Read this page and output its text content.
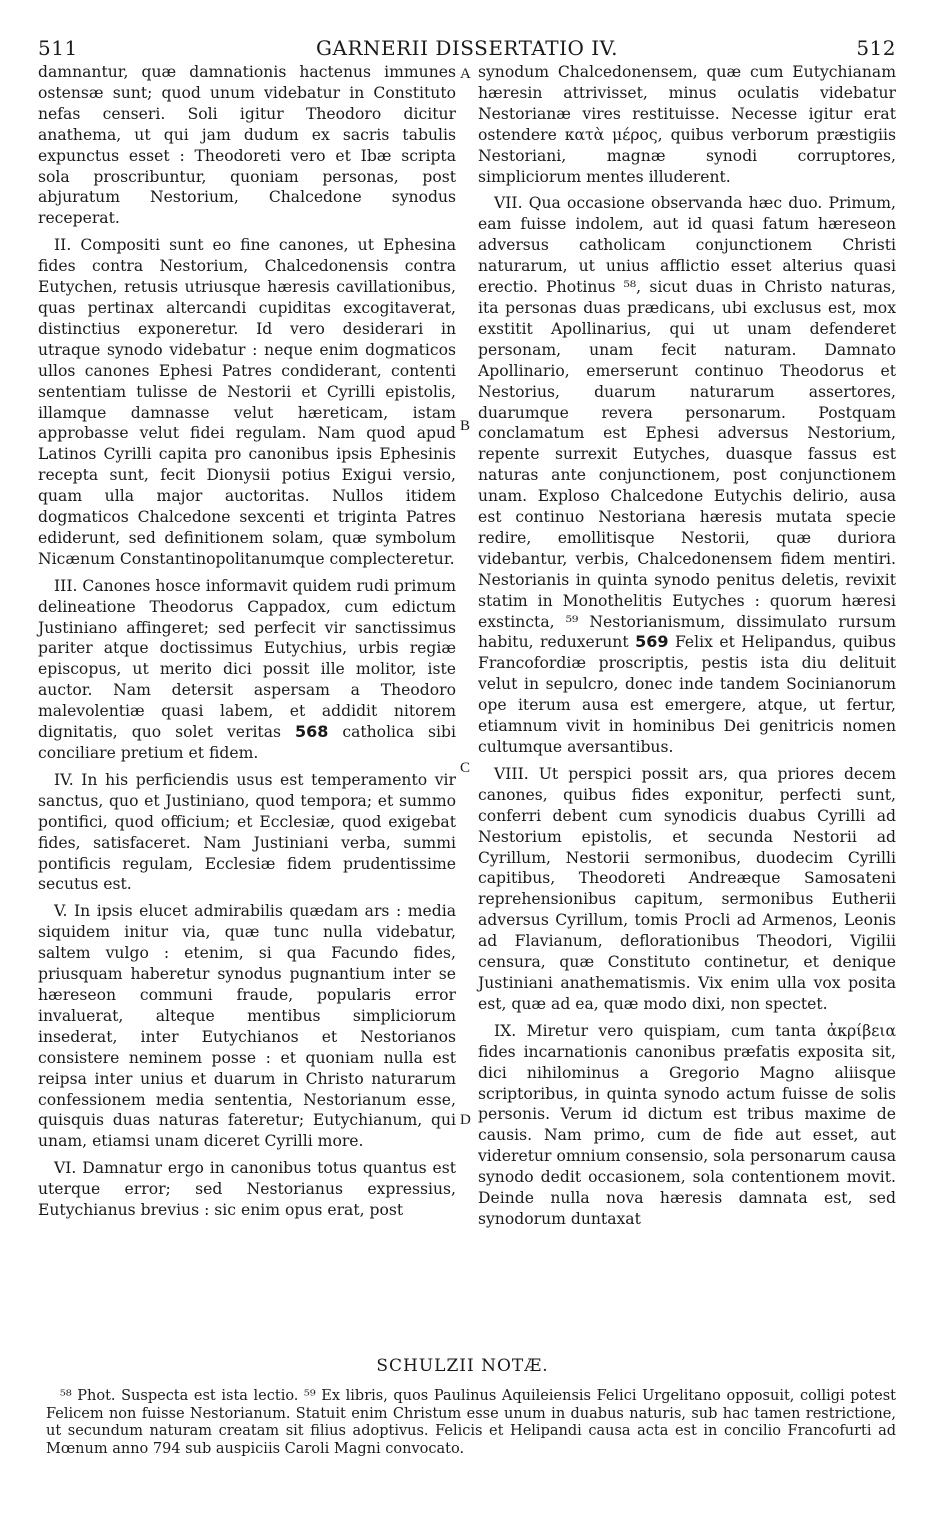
511	GARNERII DISSERTATIO IV.	512

damnantur, quæ damnationis hactenus immunes ostensæ sunt; quod unum videbatur in Constituto nefas censeri. Soli igitur Theodoro dicitur anathema, ut qui jam dudum ex sacris tabulis expunctus esset : Theodoreti vero et Ibæ scripta sola proscribuntur, quoniam personas, post abjuratum Nestorium, Chalcedone synodus receperat.

II. Compositi sunt eo fine canones, ut Ephesina fides contra Nestorium, Chalcedonensis contra Eutychen, retusis utriusque hæresis cavillationibus, quas pertinax altercandi cupiditas excogitaverat, distinctius exponeretur. Id vero desiderari in utraque synodo videbatur : neque enim dogmaticos ullos canones Ephesi Patres condiderant, contenti sententiam tulisse de Nestorii et Cyrilli epistolis, illamque damnasse velut hæreticam, istam approbasse velut fidei regulam. Nam quod apud Latinos Cyrilli capita pro canonibus ipsis Ephesinis recepta sunt, fecit Dionysii potius Exigui versio, quam ulla major auctoritas. Nullos itidem dogmaticos Chalcedone sexcenti et triginta Patres ediderunt, sed definitionem solam, quæ symbolum Nicænum Constantinopolitanumque complecteretur.

III. Canones hosce informavit quidem rudi primum delineatione Theodorus Cappadox, cum edictum Justiniano affingeret; sed perfecit vir sanctissimus pariter atque doctissimus Eutychius, urbis regiæ episcopus, ut merito dici possit ille molitor, iste auctor. Nam detersit aspersam a Theodoro malevolentiæ quasi labem, et addidit nitorem dignitatis, quo solet veritas 568 catholica sibi conciliare pretium et fidem.

IV. In his perficiendis usus est temperamento vir sanctus, quo et Justiniano, quod tempora; et summo pontifici, quod officium; et Ecclesiæ, quod exigebat fides, satisfaceret. Nam Justiniani verba, summi pontificis regulam, Ecclesiæ fidem prudentissime secutus est.

V. In ipsis elucet admirabilis quædam ars : media siquidem initur via, quæ tunc nulla videbatur, saltem vulgo : etenim, si qua Facundo fides, priusquam haberetur synodus pugnantium inter se hæreseon communi fraude, popularis error invaluerat, alteque mentibus simpliciorum insederat, inter Eutychianos et Nestorianos consistere neminem posse : et quoniam nulla est reipsa inter unius et duarum in Christo naturarum confessionem media sententia, Nestorianum esse, quisquis duas naturas fateretur; Eutychianum, qui unam, etiamsi unam diceret Cyrilli more.

VI. Damnatur ergo in canonibus totus quantus est uterque error; sed Nestorianus expressius, Eutychianus brevius : sic enim opus erat, post

synodum Chalcedonensem, quæ cum Eutychianam hæresin attrivisset, minus oculatis videbatur Nestorianæ vires restituisse. Necesse igitur erat ostendere κατὰ μέρος, quibus verborum præstigiis Nestoriani, magnæ synodi corruptores, simpliciorum mentes illuderent.

VII. Qua occasione observanda hæc duo. Primum, eam fuisse indolem, aut id quasi fatum hæreseon adversus catholicam conjunctionem Christi naturarum, ut unius afflictio esset alterius quasi erectio. Photinus ⁵⁸, sicut duas in Christo naturas, ita personas duas prædicans, ubi exclusus est, mox exstitit Apollinarius, qui ut unam defenderet personam, unam fecit naturam. Damnato Apollinario, emerserunt continuo Theodorus et Nestorius, duarum naturarum assertores, duarumque revera personarum. Postquam conclamatum est Ephesi adversus Nestorium, repente surrexit Eutyches, duasque fassus est naturas ante conjunctionem, post conjunctionem unam. Exploso Chalcedone Eutychis delirio, ausa est continuo Nestoriana hæresis mutata specie redire, emollitisque Nestorii, quæ duriora videbantur, verbis, Chalcedonensem fidem mentiri. Nestorianis in quinta synodo penitus deletis, revixit statim in Monothelitis Eutyches : quorum hæresi exstincta, ⁵⁹ Nestorianismum, dissimulato rursum habitu, reduxerunt 569 Felix et Helipandus, quibus Francofordiæ proscriptis, pestis ista diu delituit velut in sepulcro, donec inde tandem Socinianorum ope iterum ausa est emergere, atque, ut fertur, etiamnum vivit in hominibus Dei genitricis nomen cultumque aversantibus.

VIII. Ut perspici possit ars, qua priores decem canones, quibus fides exponitur, perfecti sunt, conferri debent cum synodicis duabus Cyrilli ad Nestorium epistolis, et secunda Nestorii ad Cyrillum, Nestorii sermonibus, duodecim Cyrilli capitibus, Theodoreti Andreæque Samosateni reprehensionibus capitum, sermonibus Eutherii adversus Cyrillum, tomis Procli ad Armenos, Leonis ad Flavianum, deflorationibus Theodori, Vigilii censura, quæ Constituto continetur, et denique Justiniani anathematismis. Vix enim ulla vox posita est, quæ ad ea, quæ modo dixi, non spectet.

IX. Miretur vero quispiam, cum tanta ἀκρίβεια fides incarnationis canonibus præfatis exposita sit, dici nihilominus a Gregorio Magno aliisque scriptoribus, in quinta synodo actum fuisse de solis personis. Verum id dictum est tribus maxime de causis. Nam primo, cum de fide aut esset, aut videretur omnium consensio, sola personarum causa synodo dedit occasionem, sola contentionem movit. Deinde nulla nova hæresis damnata est, sed synodorum duntaxat

A
B
C
D
SCHULZII NOTÆ.
⁵⁸ Phot. Suspecta est ista lectio. ⁵⁹ Ex libris, quos Paulinus Aquileiensis Felici Urgelitano opposuit, colligi potest Felicem non fuisse Nestorianum. Statuit enim Christum esse unum in duabus naturis, sub hac tamen restrictione, ut secundum naturam creatam sit filius adoptivus. Felicis et Helipandi causa acta est in concilio Francofurti ad Mœnum anno 794 sub auspiciis Caroli Magni convocato.
